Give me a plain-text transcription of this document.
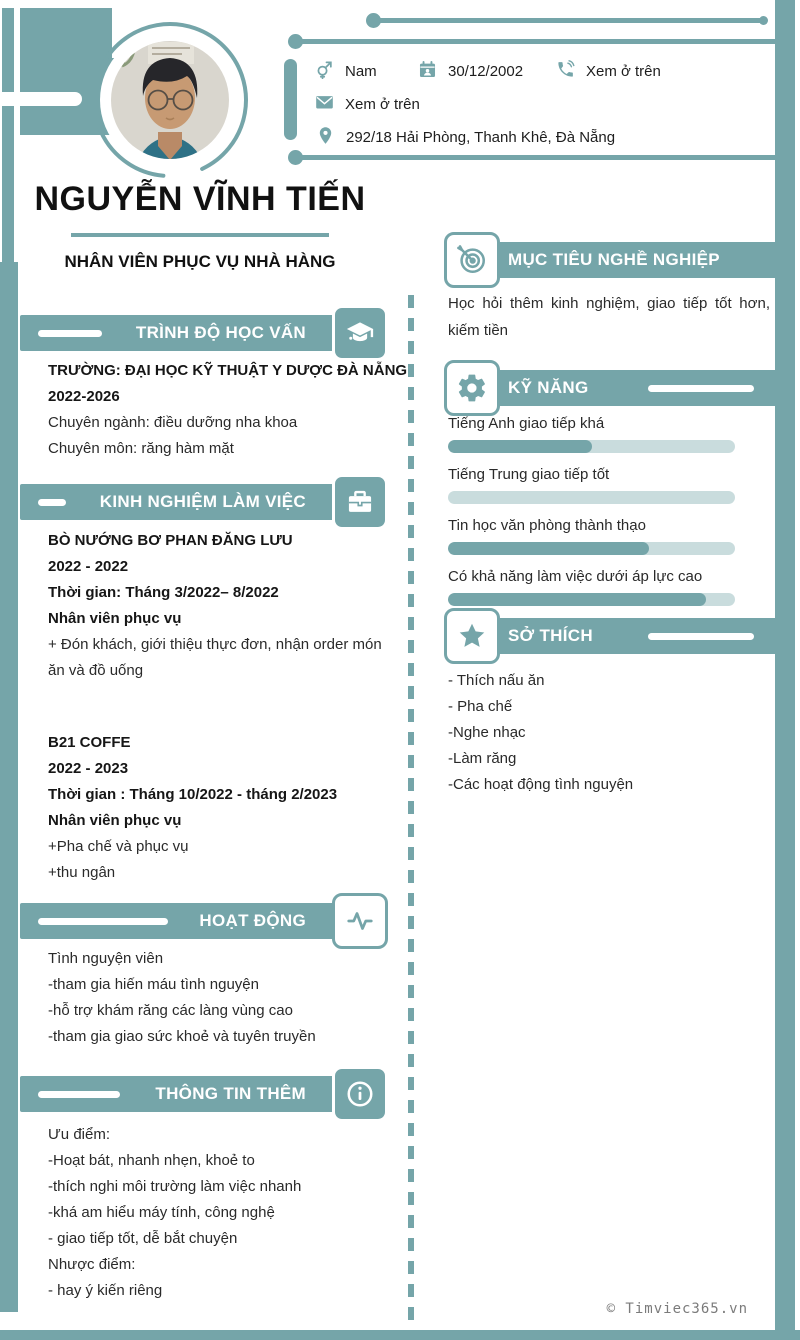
Nam	30/12/2002	Xem ở trên
Xem ở trên
292/18 Hải Phòng, Thanh Khê, Đà Nẵng
NGUYỄN VĨNH TIẾN
NHÂN VIÊN PHỤC VỤ NHÀ HÀNG
TRÌNH ĐỘ HỌC VẤN
TRƯỜNG: ĐẠI HỌC KỸ THUẬT Y DƯỢC ĐÀ NẴNG
2022-2026
Chuyên ngành: điều dưỡng nha khoa
Chuyên môn: răng hàm mặt
KINH NGHIỆM LÀM VIỆC
BÒ NƯỚNG BƠ PHAN ĐĂNG LƯU
2022 - 2022
Thời gian: Tháng 3/2022– 8/2022
Nhân viên phục vụ
+ Đón khách, giới thiệu thực đơn, nhận order món ăn và đồ uống
B21 COFFE
2022 - 2023
Thời gian : Tháng 10/2022 - tháng 2/2023
Nhân viên phục vụ
+Pha chế và phục vụ
+thu ngân
HOẠT ĐỘNG
Tình nguyện viên
-tham gia hiến máu tình nguyện
-hỗ trợ khám răng các làng vùng cao
-tham gia giao sức khoẻ và tuyên truyền
THÔNG TIN THÊM
Ưu điểm:
-Hoạt bát, nhanh nhẹn, khoẻ to
-thích nghi môi trường làm việc nhanh
-khá am hiểu máy tính, công nghệ
- giao tiếp tốt, dễ bắt chuyện
Nhược điểm:
- hay ý kiến riêng
MỤC TIÊU NGHỀ NGHIỆP
Học hỏi thêm kinh nghiệm, giao tiếp tốt hơn, kiếm tiền
KỸ NĂNG
Tiếng Anh giao tiếp khá
Tiếng Trung giao tiếp tốt
Tin học văn phòng thành thạo
Có khả năng làm việc dưới áp lực cao
SỞ THÍCH
- Thích nấu ăn
- Pha chế
-Nghe nhạc
-Làm răng
-Các hoạt động tình nguyện
© Timviec365.vn
